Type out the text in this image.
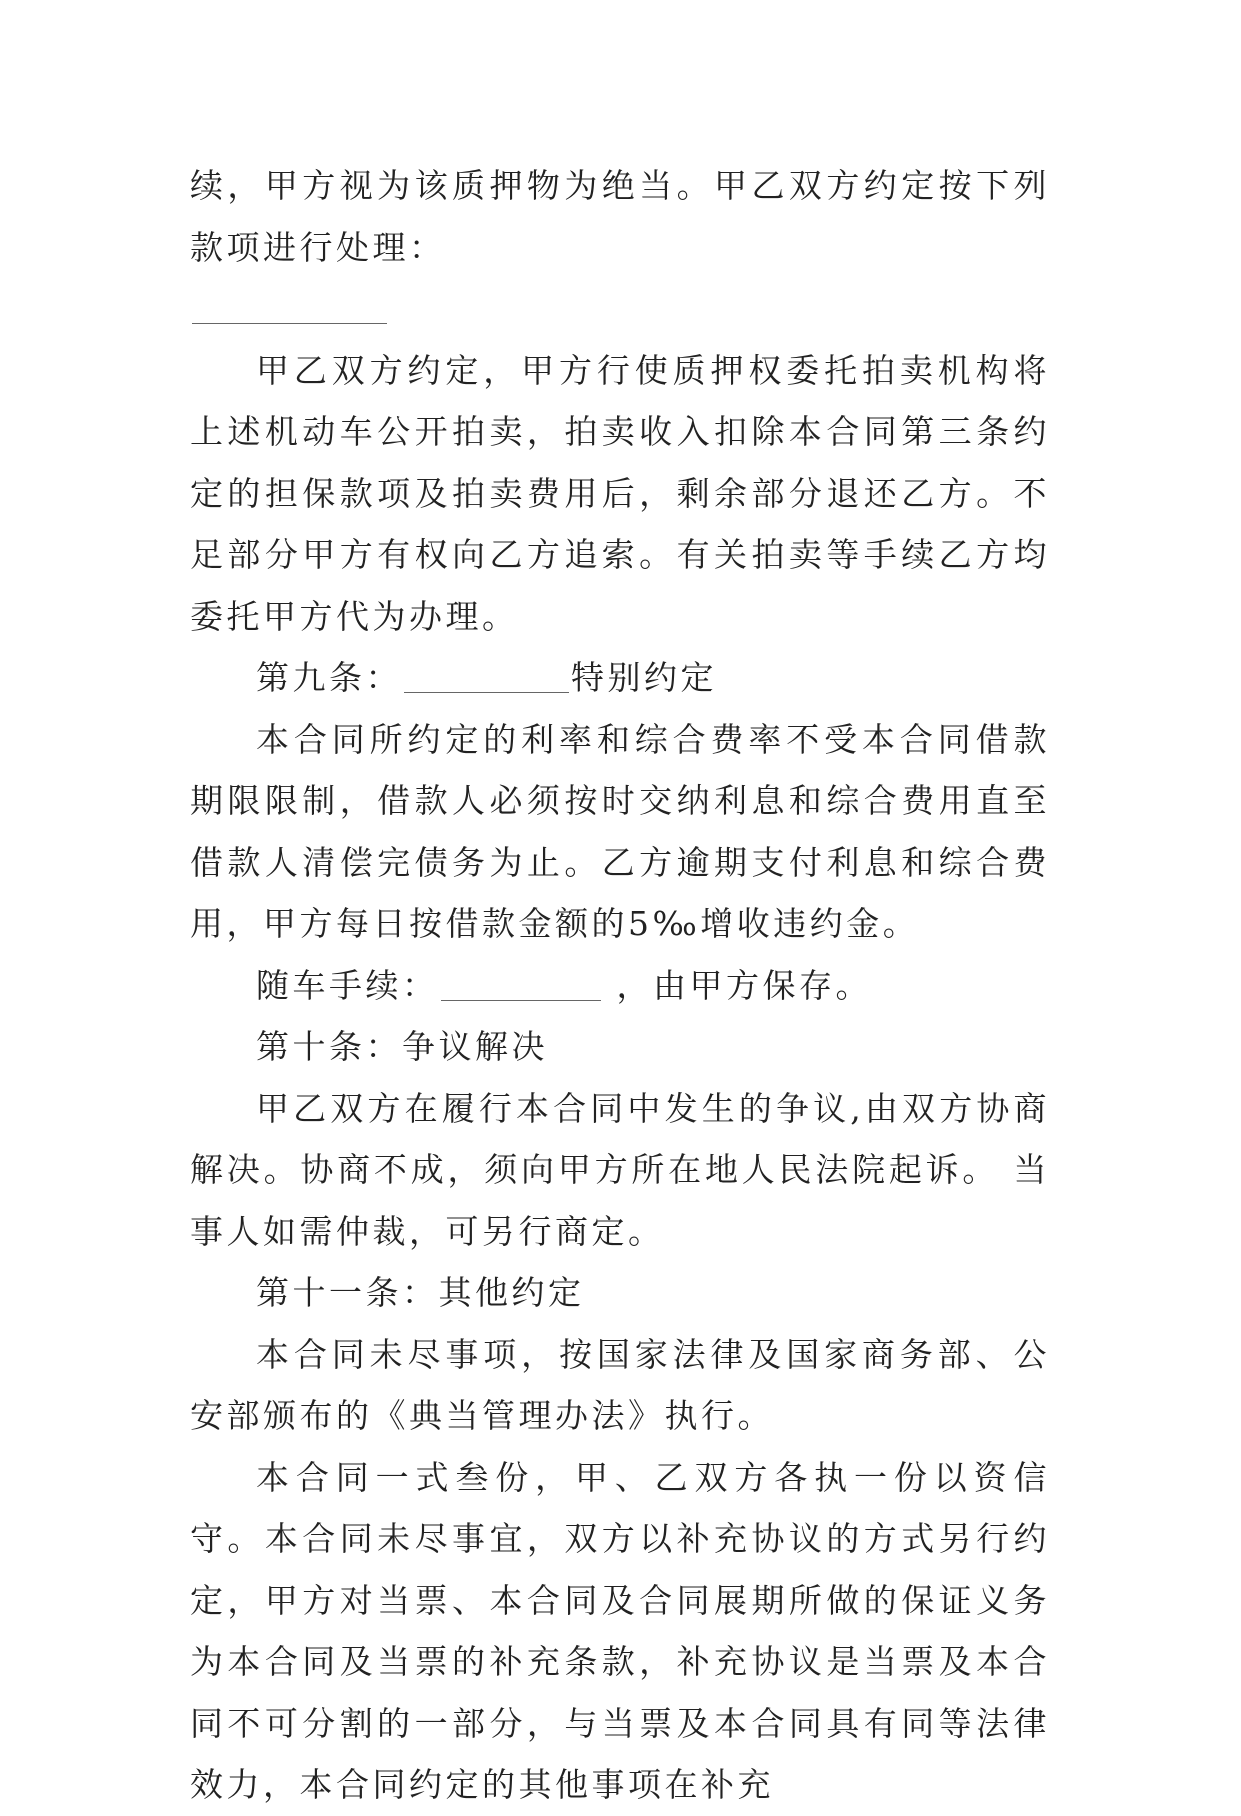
续，甲方视为该质押物为绝当。甲乙双方约定按下列款项进行处理：

甲乙双方约定，甲方行使质押权委托拍卖机构将上述机动车公开拍卖，拍卖收入扣除本合同第三条约定的担保款项及拍卖费用后，剩余部分退还乙方。不足部分甲方有权向乙方追索。有关拍卖等手续乙方均委托甲方代为办理。

第九条：	特别约定

本合同所约定的利率和综合费率不受本合同借款期限限制，借款人必须按时交纳利息和综合费用直至借款人清偿完债务为止。乙方逾期支付利息和综合费用，甲方每日按借款金额的5‰增收违约金。

随车手续：	，由甲方保存。

第十条：争议解决

甲乙双方在履行本合同中发生的争议,由双方协商解决。协商不成，须向甲方所在地人民法院起诉。 当事人如需仲裁，可另行商定。

第十一条：其他约定

本合同未尽事项，按国家法律及国家商务部、公安部颁布的《典当管理办法》执行。

本合同一式叁份，甲、乙双方各执一份以资信守。本合同未尽事宜，双方以补充协议的方式另行约定，甲方对当票、本合同及合同展期所做的保证义务为本合同及当票的补充条款，补充协议是当票及本合同不可分割的一部分，与当票及本合同具有同等法律效力，本合同约定的其他事项在补充
